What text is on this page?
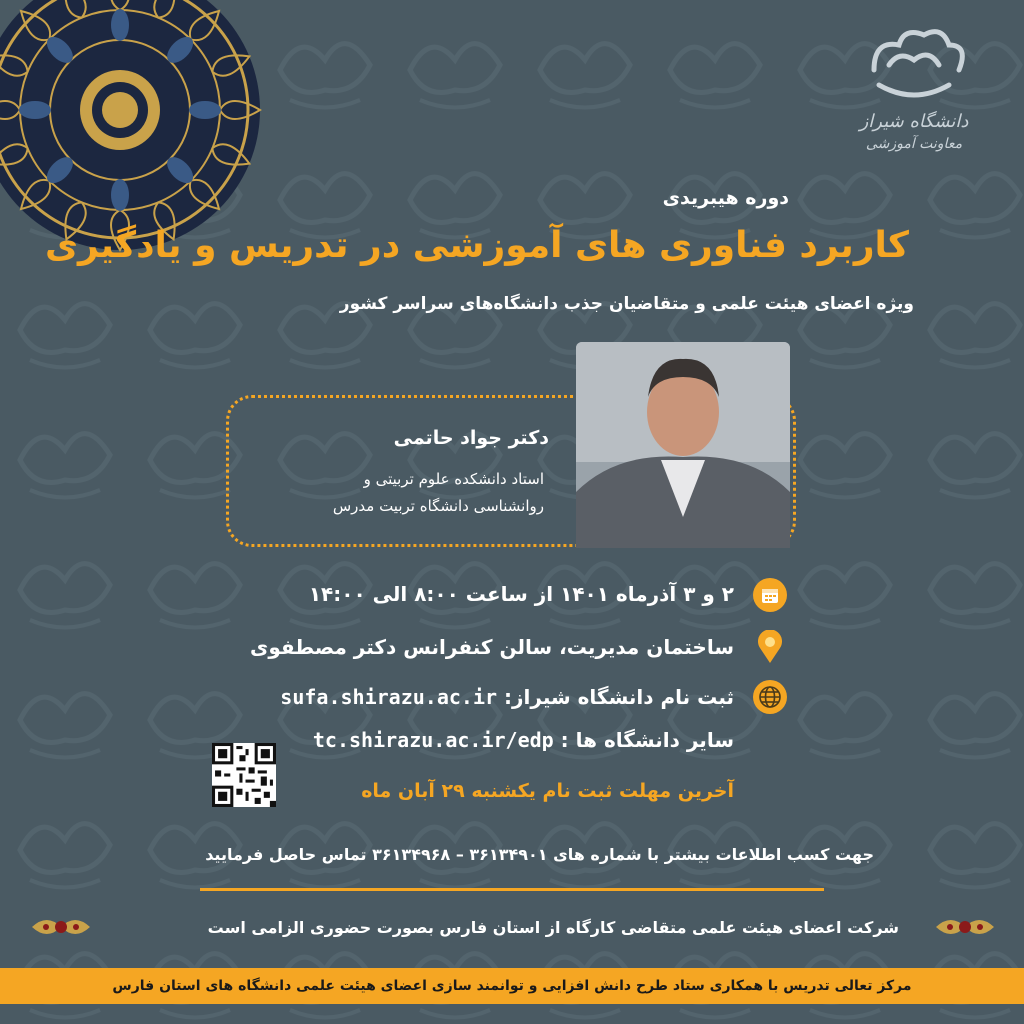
دانشگاه شیراز
معاونت آموزشی
دوره هیبریدی
کاربرد فناوری های آموزشی در تدریس و یادگیری
ویژه اعضای هیئت علمی و متقاضیان جذب دانشگاه‌های سراسر کشور
دکتر جواد حاتمی
استاد دانشکده علوم تربیتی و
روانشناسی دانشگاه تربیت مدرس
۲ و ۳ آذرماه ۱۴۰۱ از ساعت ۸:۰۰ الی ۱۴:۰۰
ساختمان مدیریت، سالن کنفرانس دکتر مصطفوی
ثبت نام دانشگاه شیراز: sufa.shirazu.ac.ir
سایر دانشگاه ها : tc.shirazu.ac.ir/edp
آخرین مهلت ثبت نام یکشنبه ۲۹ آبان ماه
جهت کسب اطلاعات بیشتر با شماره های ۳۶۱۳۴۹۰۱ – ۳۶۱۳۴۹۶۸ تماس حاصل فرمایید
شرکت اعضای هیئت علمی متقاضی کارگاه از استان فارس بصورت حضوری الزامی است
مرکز تعالی تدریس با همکاری ستاد طرح دانش افزایی و توانمند سازی اعضای هیئت علمی دانشگاه های استان فارس
